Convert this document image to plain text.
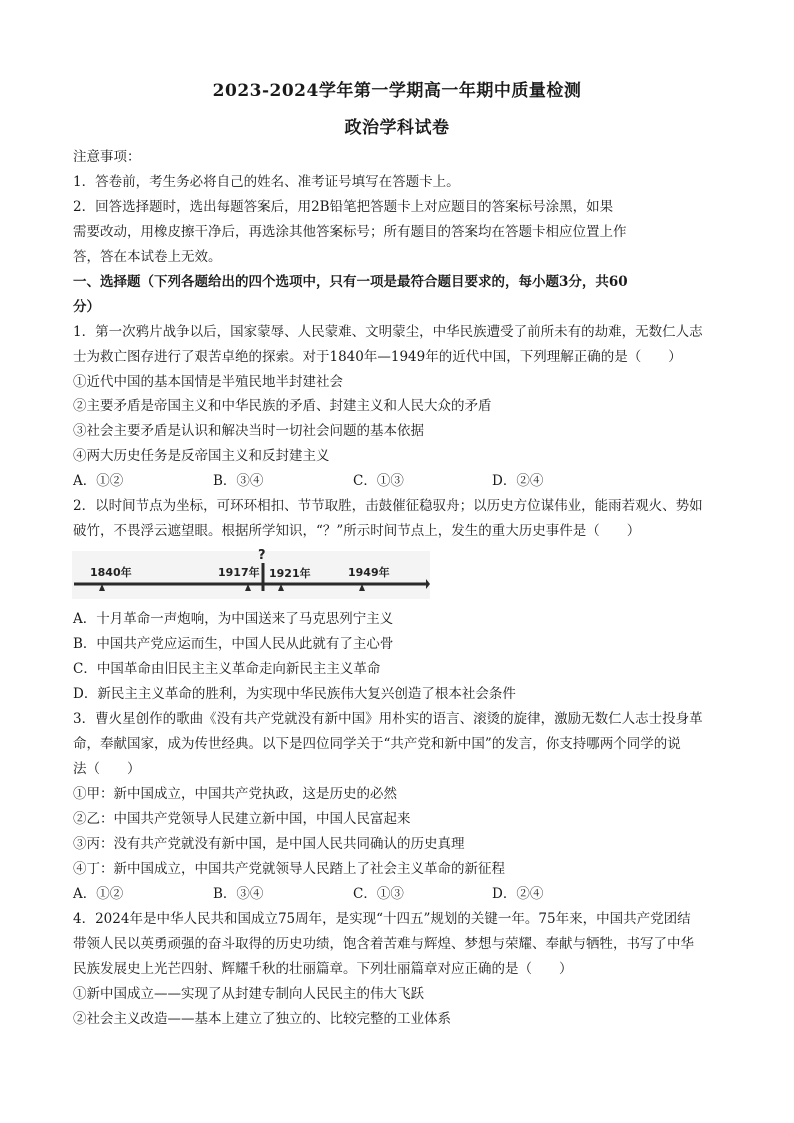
2023-2024学年第一学期高一年期中质量检测
政治学科试卷
注意事项：
1．答卷前，考生务必将自己的姓名、准考证号填写在答题卡上。
2．回答选择题时，选出每题答案后，用2B铅笔把答题卡上对应题目的答案标号涂黑，如果
需要改动，用橡皮擦干净后，再选涂其他答案标号；所有题目的答案均在答题卡相应位置上作
答，答在本试卷上无效。
一、选择题（下列各题给出的四个选项中，只有一项是最符合题目要求的，每小题3分，共60
分）
1．第一次鸦片战争以后，国家蒙辱、人民蒙难、文明蒙尘，中华民族遭受了前所未有的劫难，无数仁人志
士为救亡图存进行了艰苦卓绝的探索。对于1840年—1949年的近代中国，下列理解正确的是（　　）
①近代中国的基本国情是半殖民地半封建社会
②主要矛盾是帝国主义和中华民族的矛盾、封建主义和人民大众的矛盾
③社会主要矛盾是认识和解决当时一切社会问题的基本依据
④两大历史任务是反帝国主义和反封建主义
A．①②	B．③④	C．①③	D．②④
2．以时间节点为坐标，可环环相扣、节节取胜，击鼓催征稳驭舟；以历史方位谋伟业，能雨若观火、势如
破竹，不畏浮云遮望眼。根据所学知识，“？”所示时间节点上，发生的重大历史事件是（　　）
1840年	1917年 1921年	1949年
?
A．十月革命一声炮响，为中国送来了马克思列宁主义
B．中国共产党应运而生，中国人民从此就有了主心骨
C．中国革命由旧民主主义革命走向新民主主义革命
D．新民主主义革命的胜利，为实现中华民族伟大复兴创造了根本社会条件
3．曹火星创作的歌曲《没有共产党就没有新中国》用朴实的语言、滚烫的旋律，激励无数仁人志士投身革
命，奉献国家，成为传世经典。以下是四位同学关于“共产党和新中国”的发言，你支持哪两个同学的说
法（　　）
①甲：新中国成立，中国共产党执政，这是历史的必然
②乙：中国共产党领导人民建立新中国，中国人民富起来
③丙：没有共产党就没有新中国，是中国人民共同确认的历史真理
④丁：新中国成立，中国共产党就领导人民踏上了社会主义革命的新征程
A．①②	B．③④	C．①③	D．②④
4．2024年是中华人民共和国成立75周年，是实现“十四五”规划的关键一年。75年来，中国共产党团结
带领人民以英勇顽强的奋斗取得的历史功绩，饱含着苦难与辉煌、梦想与荣耀、奉献与牺牲，书写了中华
民族发展史上光芒四射、辉耀千秋的壮丽篇章。下列壮丽篇章对应正确的是（　　）
①新中国成立——实现了从封建专制向人民民主的伟大飞跃
②社会主义改造——基本上建立了独立的、比较完整的工业体系
